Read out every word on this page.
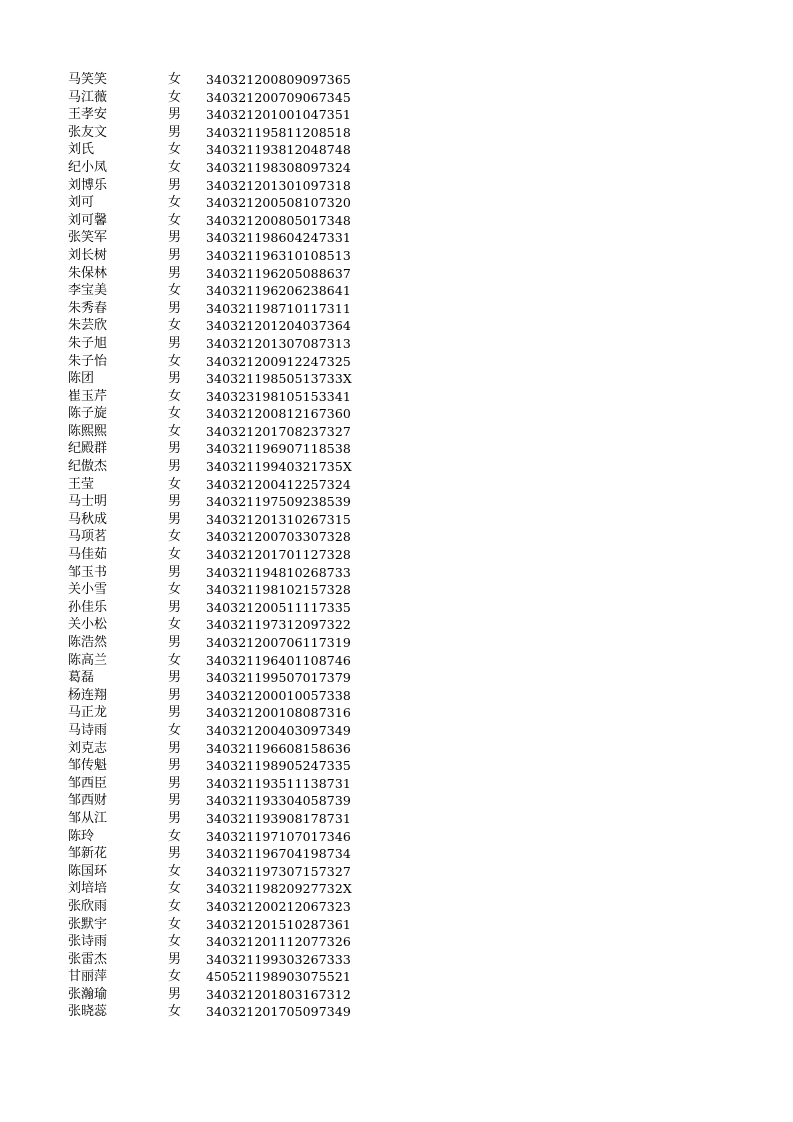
马笑笑	女 340321200809097365
马江薇	女 340321200709067345
王孝安	男 340321201001047351
张友文	男 340321195811208518
刘氏	女 340321193812048748
纪小凤	女 340321198308097324
刘博乐	男 340321201301097318
刘可	女 340321200508107320
刘可馨	女 340321200805017348
张笑军	男 340321198604247331
刘长树	男 340321196310108513
朱保林	男 340321196205088637
李宝美	女 340321196206238641
朱秀春	男 340321198710117311
朱芸欣	女 340321201204037364
朱子旭	男 340321201307087313
朱子怡	女 340321200912247325
陈团	男 34032119850513733X
崔玉芹	女 340323198105153341
陈子旋	女 340321200812167360
陈熙熙	女 340321201708237327
纪殿群	男 340321196907118538
纪傲杰	男 34032119940321735X
王莹	女 340321200412257324
马士明	男 340321197509238539
马秋成	男 340321201310267315
马项茗	女 340321200703307328
马佳茹	女 340321201701127328
邹玉书	男 340321194810268733
关小雪	女 340321198102157328
孙佳乐	男 340321200511117335
关小松	女 340321197312097322
陈浩然	男 340321200706117319
陈高兰	女 340321196401108746
葛磊	男 340321199507017379
杨连翔	男 340321200010057338
马正龙	男 340321200108087316
马诗雨	女 340321200403097349
刘克志	男 340321196608158636
邹传魁	男 340321198905247335
邹西臣	男 340321193511138731
邹西财	男 340321193304058739
邹从江	男 340321193908178731
陈玲	女 340321197107017346
邹新花	男 340321196704198734
陈国环	女 340321197307157327
刘培培	女 34032119820927732X
张欣雨	女 340321200212067323
张默宇	女 340321201510287361
张诗雨	女 340321201112077326
张雷杰	男 340321199303267333
甘丽萍	女 450521198903075521
张瀚瑜	男 340321201803167312
张晓蕊	女 340321201705097349
